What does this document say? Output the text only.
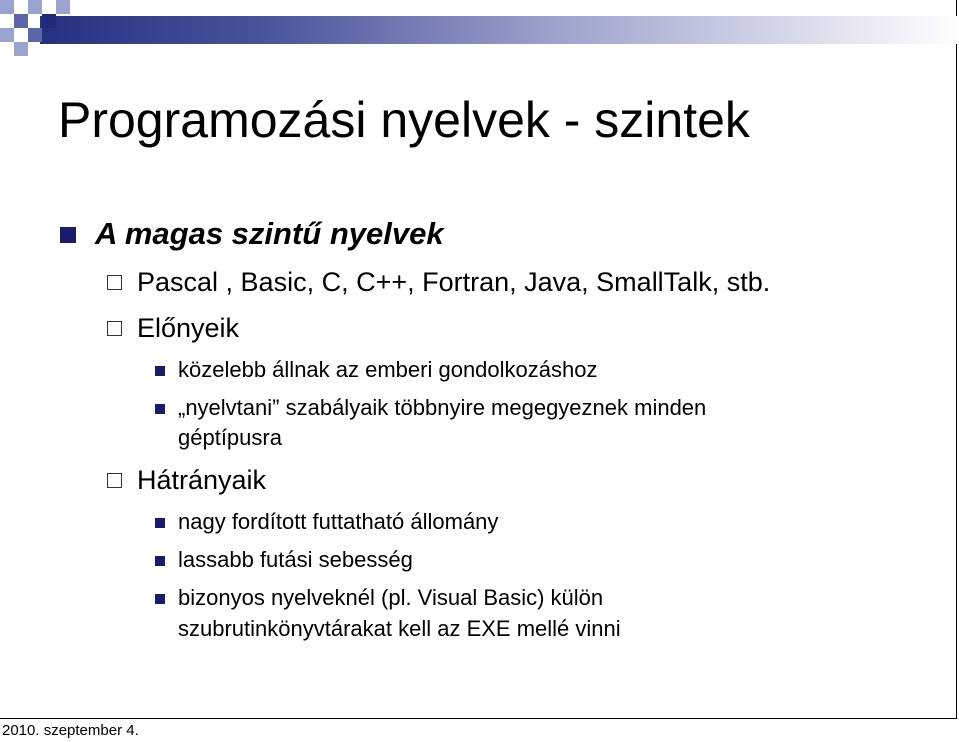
Programozási nyelvek - szintek
A magas szintű nyelvek
Pascal , Basic, C, C++, Fortran, Java, SmallTalk, stb.
Előnyeik
közelebb állnak az emberi gondolkozáshoz
„nyelvtani” szabályaik többnyire megegyeznek minden
géptípusra
Hátrányaik
nagy fordított futtatható állomány
lassabb futási sebesség
bizonyos nyelveknél (pl. Visual Basic) külön
szubrutinkönyvtárakat kell az EXE mellé vinni
2010. szeptember 4.
